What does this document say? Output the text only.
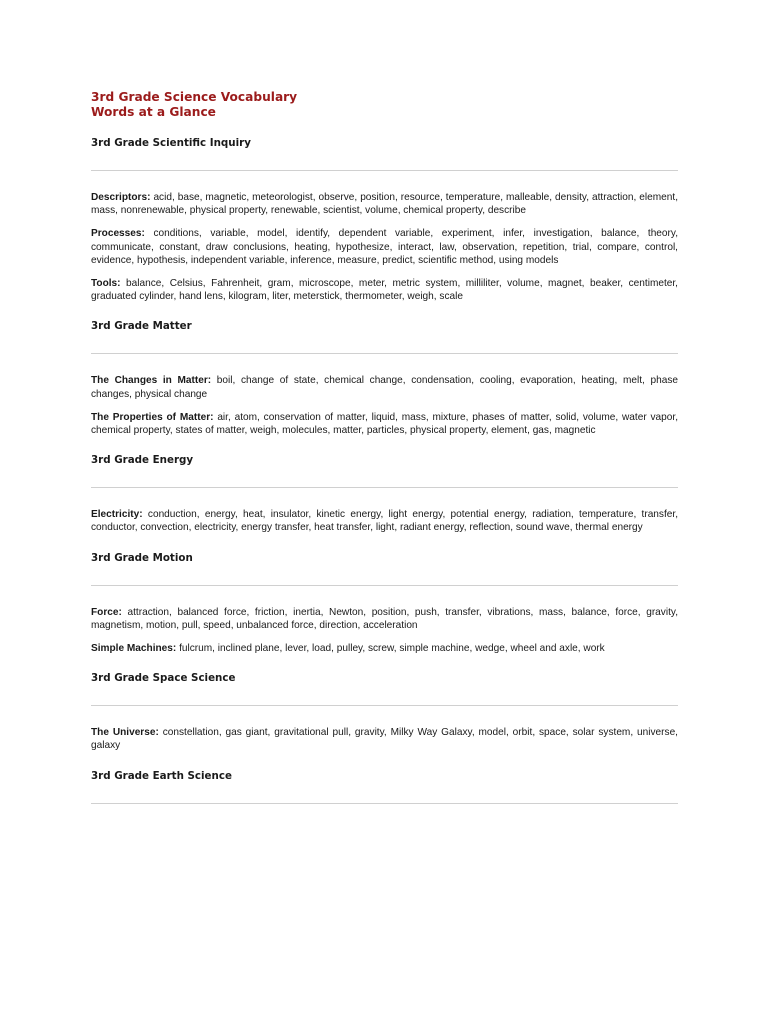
3rd Grade Science Vocabulary
Words at a Glance
3rd Grade Scientific Inquiry

Descriptors: acid, base, magnetic, meteorologist, observe, position, resource, temperature, malleable, density, attraction, element, mass, nonrenewable, physical property, renewable, scientist, volume, chemical property, describe

Processes: conditions, variable, model, identify, dependent variable, experiment, infer, investigation, balance, theory, communicate, constant, draw conclusions, heating, hypothesize, interact, law, observation, repetition, trial, compare, control, evidence, hypothesis, independent variable, inference, measure, predict, scientific method, using models

Tools: balance, Celsius, Fahrenheit, gram, microscope, meter, metric system, milliliter, volume, magnet, beaker, centimeter, graduated cylinder, hand lens, kilogram, liter, meterstick, thermometer, weigh, scale

3rd Grade Matter

The Changes in Matter: boil, change of state, chemical change, condensation, cooling, evaporation, heating, melt, phase changes, physical change

The Properties of Matter: air, atom, conservation of matter, liquid, mass, mixture, phases of matter, solid, volume, water vapor, chemical property, states of matter, weigh, molecules, matter, particles, physical property, element, gas, magnetic

3rd Grade Energy

Electricity: conduction, energy, heat, insulator, kinetic energy, light energy, potential energy, radiation, temperature, transfer, conductor, convection, electricity, energy transfer, heat transfer, light, radiant energy, reflection, sound wave, thermal energy

3rd Grade Motion

Force: attraction, balanced force, friction, inertia, Newton, position, push, transfer, vibrations, mass, balance, force, gravity, magnetism, motion, pull, speed, unbalanced force, direction, acceleration

Simple Machines: fulcrum, inclined plane, lever, load, pulley, screw, simple machine, wedge, wheel and axle, work

3rd Grade Space Science

The Universe: constellation, gas giant, gravitational pull, gravity, Milky Way Galaxy, model, orbit, space, solar system, universe, galaxy

3rd Grade Earth Science
